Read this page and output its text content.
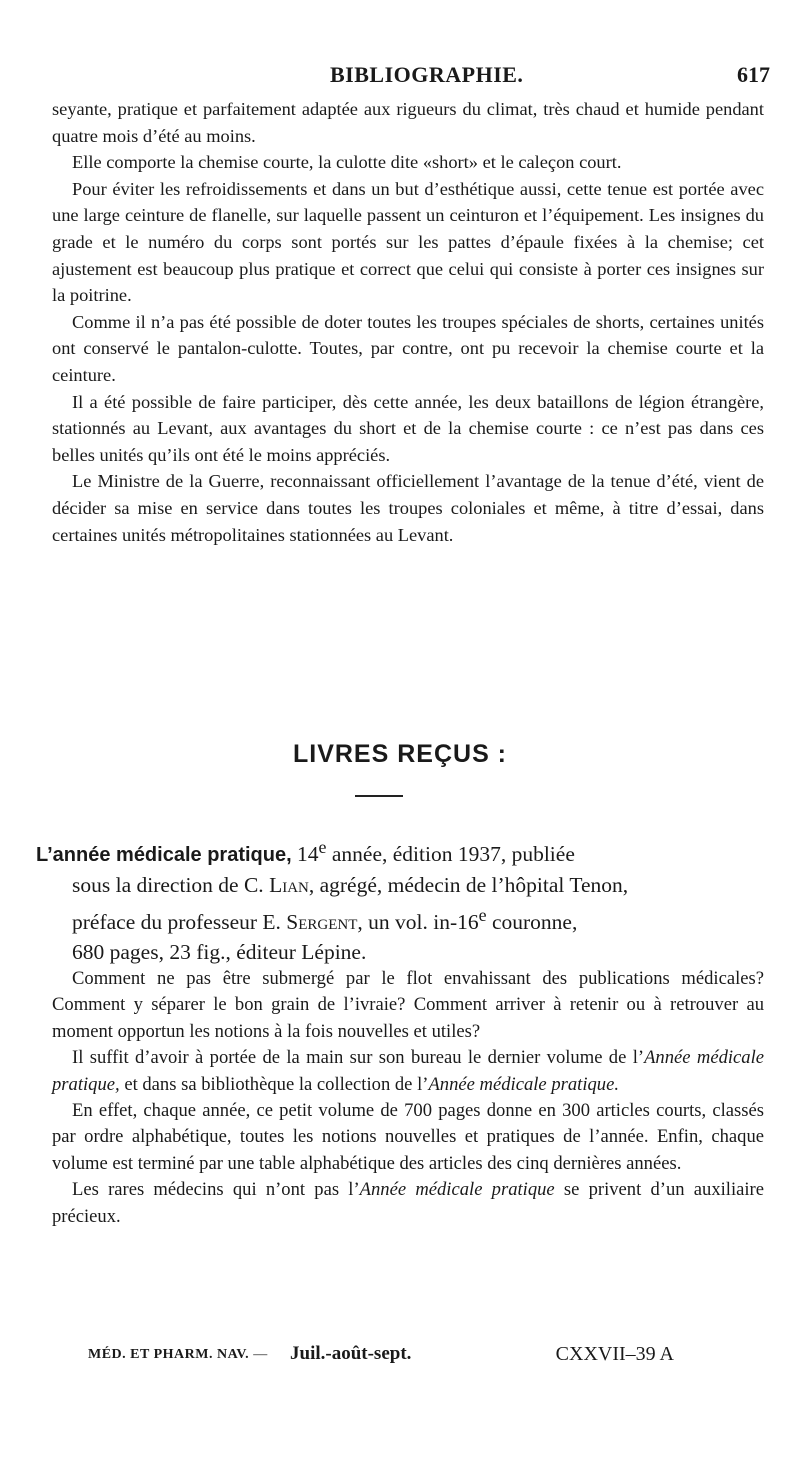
BIBLIOGRAPHIE.	617

seyante, pratique et parfaitement adaptée aux rigueurs du climat, très chaud et humide pendant quatre mois d’été au moins.

Elle comporte la chemise courte, la culotte dite «short» et le caleçon court.

Pour éviter les refroidissements et dans un but d’esthétique aussi, cette tenue est portée avec une large ceinture de flanelle, sur laquelle passent un ceinturon et l’équipement. Les insignes du grade et le numéro du corps sont portés sur les pattes d’épaule fixées à la chemise; cet ajustement est beaucoup plus pratique et correct que celui qui consiste à porter ces insignes sur la poitrine.

Comme il n’a pas été possible de doter toutes les troupes spéciales de shorts, certaines unités ont conservé le pantalon-culotte. Toutes, par contre, ont pu recevoir la chemise courte et la ceinture.

Il a été possible de faire participer, dès cette année, les deux bataillons de légion étrangère, stationnés au Levant, aux avantages du short et de la chemise courte : ce n’est pas dans ces belles unités qu’ils ont été le moins appréciés.

Le Ministre de la Guerre, reconnaissant officiellement l’avantage de la tenue d’été, vient de décider sa mise en service dans toutes les troupes coloniales et même, à titre d’essai, dans certaines unités métropolitaines stationnées au Levant.

LIVRES REÇUS :
L’année médicale pratique, 14e année, édition 1937, publiée
sous la direction de C. Lian, agrégé, médecin de l’hôpital Tenon,
préface du professeur E. Sergent, un vol. in-16e couronne,
680 pages, 23 fig., éditeur Lépine.

Comment ne pas être submergé par le flot envahissant des publications médicales? Comment y séparer le bon grain de l’ivraie? Comment arriver à retenir ou à retrouver au moment opportun les notions à la fois nouvelles et utiles?

Il suffit d’avoir à portée de la main sur son bureau le dernier volume de l’Année médicale pratique, et dans sa bibliothèque la collection de l’Année médicale pratique.

En effet, chaque année, ce petit volume de 700 pages donne en 300 articles courts, classés par ordre alphabétique, toutes les notions nouvelles et pratiques de l’année. Enfin, chaque volume est terminé par une table alphabétique des articles des cinq dernières années.

Les rares médecins qui n’ont pas l’Année médicale pratique se privent d’un auxiliaire précieux.

MÉD. ET PHARM. NAV. — Juil.-août-sept.	CXXVII–39 A
